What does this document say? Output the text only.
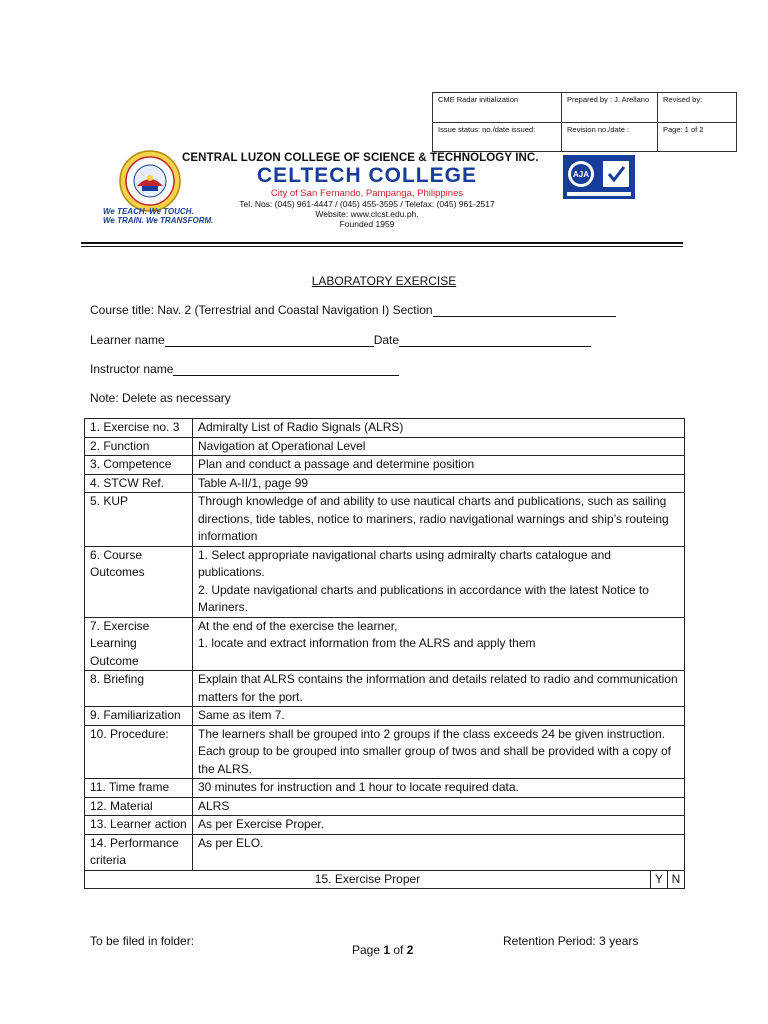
CME Radar initialization	Prepared by : J. Arellano	Revised by:
Issue status: no./date issued:	Revision no./date :	Page: 1 of 2
We TEACH. We TOUCH.
We TRAIN. We TRANSFORM.
CENTRAL LUZON COLLEGE OF SCIENCE & TECHNOLOGY INC.
CELTECH COLLEGE
City of San Fernando, Pampanga, Philippines
Tel. Nos: (045) 961-4447 / (045) 455-3595 / Telefax: (045) 961-2517
Website: www.clcst.edu.ph.
Founded 1959
AJA
LABORATORY EXERCISE
Course title: Nav. 2 (Terrestrial and Coastal Navigation I) Section
Learner name	Date
Instructor name
Note: Delete as necessary
1. Exercise no. 3	Admiralty List of Radio Signals (ALRS)		
2. Function	Navigation at Operational Level		
3. Competence	Plan and conduct a passage and determine position		
4. STCW Ref.	Table A-II/1, page 99		
5. KUP	Through knowledge of and ability to use nautical charts and publications, such as sailing directions, tide tables, notice to mariners, radio navigational warnings and ship’s routeing information		
6. Course Outcomes	1. Select appropriate navigational charts using admiralty charts catalogue and publications.
2. Update navigational charts and publications in accordance with the latest Notice to Mariners.		

7. Exercise Learning Outcome	At the end of the exercise the learner,
1. locate and extract information from the ALRS and apply them		

8. Briefing	Explain that ALRS contains the information and details related to radio and communication matters for the port.		
9. Familiarization	Same as item 7.		
10. Procedure:	The learners shall be grouped into 2 groups if the class exceeds 24 be given instruction. Each group to be grouped into smaller group of twos and shall be provided with a copy of the ALRS.		
11. Time frame	30 minutes for instruction and 1 hour to locate required data.		
12. Material	ALRS		
13. Learner action	As per Exercise Proper.		
14. Performance criteria	As per ELO.		
15. Exercise Proper		Y	N
To be filed in folder:
Page 1 of 2
Retention Period: 3 years
